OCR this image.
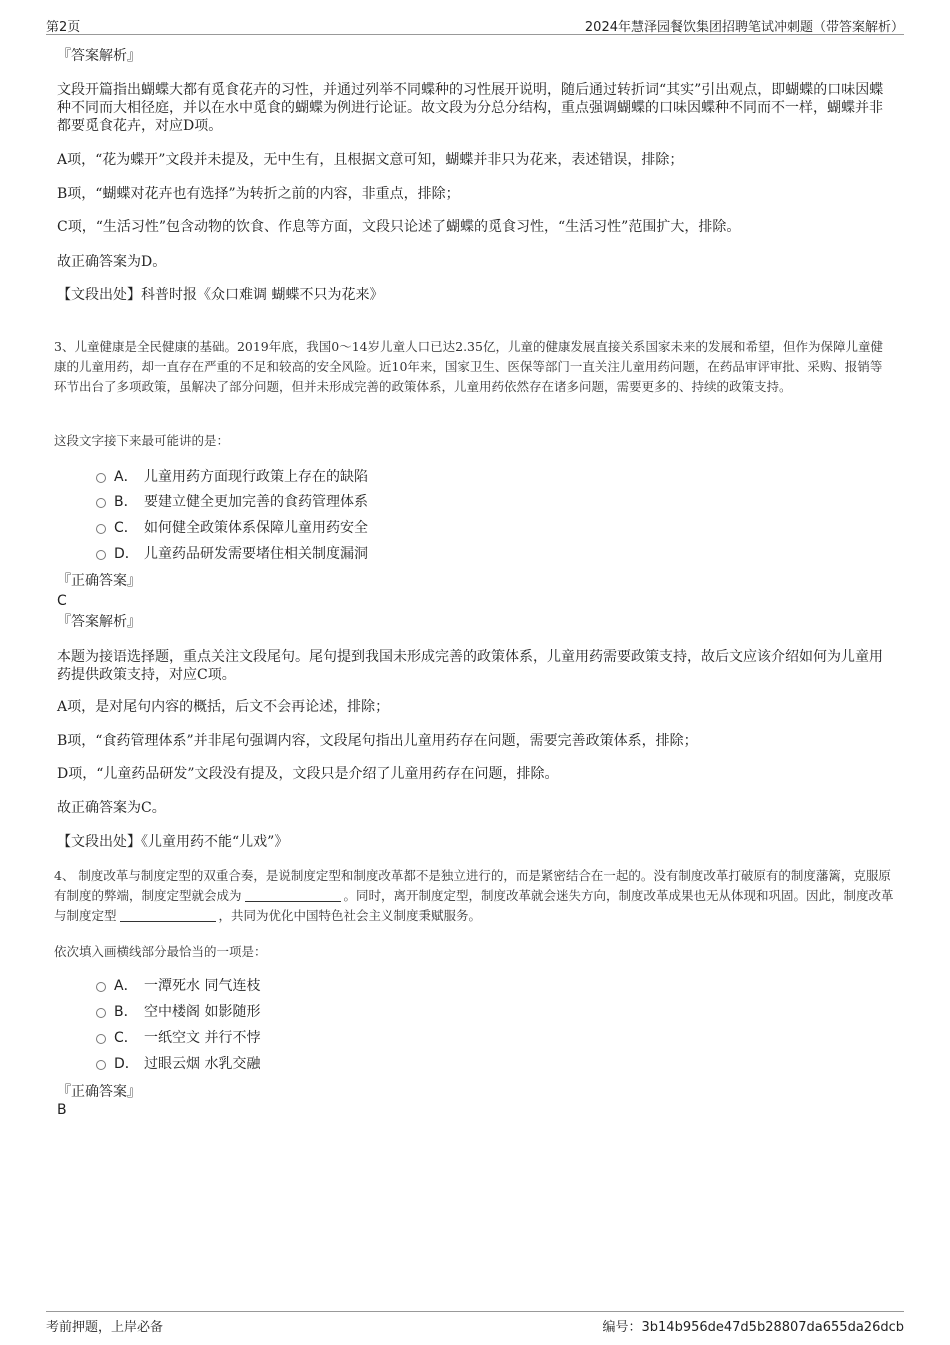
第2页	2024年慧泽园餐饮集团招聘笔试冲刺题（带答案解析）
『答案解析』
文段开篇指出蝴蝶大都有觅食花卉的习性，并通过列举不同蝶种的习性展开说明，随后通过转折词“其实”引出观点，即蝴蝶的口味因蝶种不同而大相径庭，并以在水中觅食的蝴蝶为例进行论证。故文段为分总分结构，重点强调蝴蝶的口味因蝶种不同而不一样，蝴蝶并非都要觅食花卉，对应D项。
A项，“花为蝶开”文段并未提及，无中生有，且根据文意可知，蝴蝶并非只为花来，表述错误，排除；
B项，“蝴蝶对花卉也有选择”为转折之前的内容，非重点，排除；
C项，“生活习性”包含动物的饮食、作息等方面，文段只论述了蝴蝶的觅食习性，“生活习性”范围扩大，排除。
故正确答案为D。
【文段出处】科普时报《众口难调 蝴蝶不只为花来》
3、儿童健康是全民健康的基础。2019年底，我国0～14岁儿童人口已达2.35亿，儿童的健康发展直接关系国家未来的发展和希望，但作为保障儿童健康的儿童用药，却一直存在严重的不足和较高的安全风险。近10年来，国家卫生、医保等部门一直关注儿童用药问题，在药品审评审批、采购、报销等环节出台了多项政策，虽解决了部分问题，但并未形成完善的政策体系，儿童用药依然存在诸多问题，需要更多的、持续的政策支持。
这段文字接下来最可能讲的是：
A． 儿童用药方面现行政策上存在的缺陷
B． 要建立健全更加完善的食药管理体系
C． 如何健全政策体系保障儿童用药安全
D． 儿童药品研发需要堵住相关制度漏洞
『正确答案』
C
『答案解析』
本题为接语选择题，重点关注文段尾句。尾句提到我国未形成完善的政策体系，儿童用药需要政策支持，故后文应该介绍如何为儿童用药提供政策支持，对应C项。
A项，是对尾句内容的概括，后文不会再论述，排除；
B项，“食药管理体系”并非尾句强调内容，文段尾句指出儿童用药存在问题，需要完善政策体系，排除；
D项，“儿童药品研发”文段没有提及，文段只是介绍了儿童用药存在问题，排除。
故正确答案为C。
【文段出处】《儿童用药不能“儿戏”》
4、 制度改革与制度定型的双重合奏，是说制度定型和制度改革都不是独立进行的，而是紧密结合在一起的。没有制度改革打破原有的制度藩篱，克服原有制度的弊端，制度定型就会成为	。同时，离开制度定型，制度改革就会迷失方向，制度改革成果也无从体现和巩固。因此，制度改革与制度定型	，共同为优化中国特色社会主义制度秉赋服务。
依次填入画横线部分最恰当的一项是：
A． 一潭死水 同气连枝
B． 空中楼阁 如影随形
C． 一纸空文 并行不悖
D． 过眼云烟 水乳交融
『正确答案』
B
考前押题，上岸必备	编号：3b14b956de47d5b28807da655da26dcb
